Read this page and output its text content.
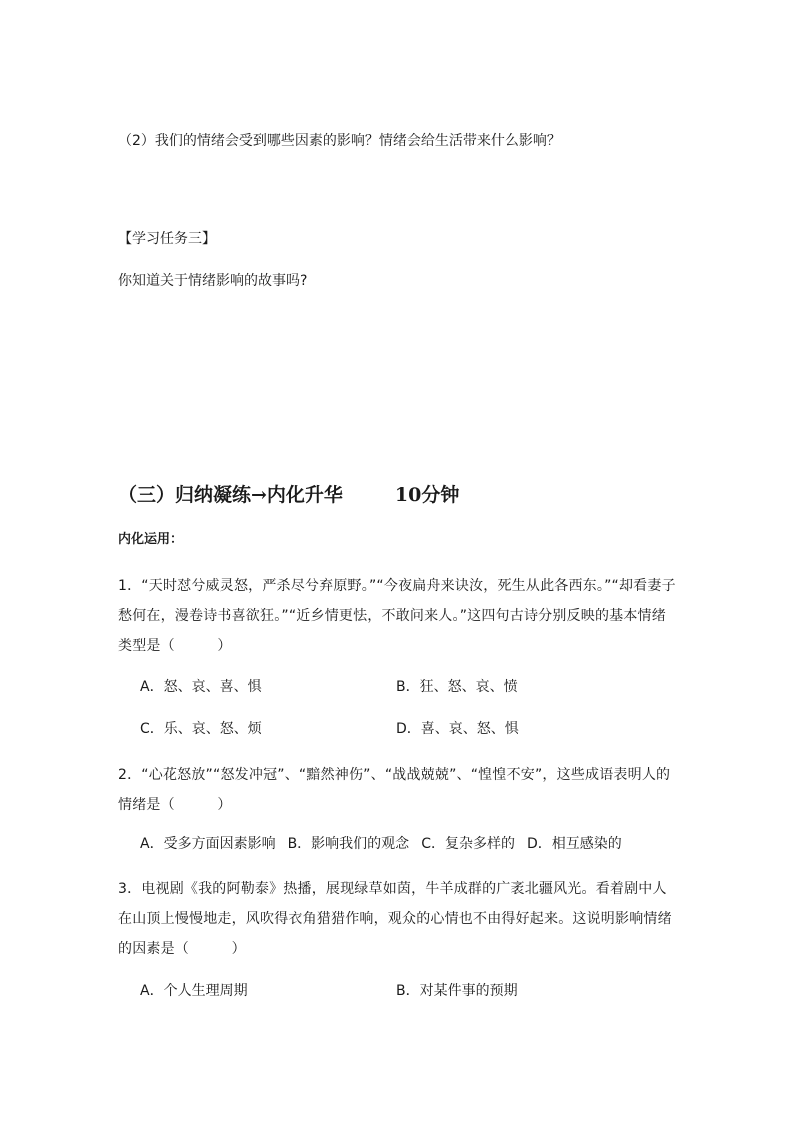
（2）我们的情绪会受到哪些因素的影响？情绪会给生活带来什么影响？
【学习任务三】
你知道关于情绪影响的故事吗?
（三）归纳凝练→内化升华	10分钟
内化运用：
1．“天时怼兮威灵怒，严杀尽兮弃原野。”“今夜扁舟来诀汝，死生从此各西东。”“却看妻子愁何在，漫卷诗书喜欲狂。”“近乡情更怯，不敢问来人。”这四句古诗分别反映的基本情绪类型是（　　　）
A．怒、哀、喜、惧	B．狂、怒、哀、愤
C．乐、哀、怒、烦	D．喜、哀、怒、惧
2．“心花怒放”“怒发冲冠”、“黯然神伤”、“战战兢兢”、“惶惶不安”，这些成语表明人的情绪是（　　　）
A．受多方面因素影响 B．影响我们的观念 C．复杂多样的 D．相互感染的
3．电视剧《我的阿勒泰》热播，展现绿草如茵，牛羊成群的广袤北疆风光。看着剧中人在山顶上慢慢地走，风吹得衣角猎猎作响，观众的心情也不由得好起来。这说明影响情绪的因素是（　　　）
A．个人生理周期	B．对某件事的预期
